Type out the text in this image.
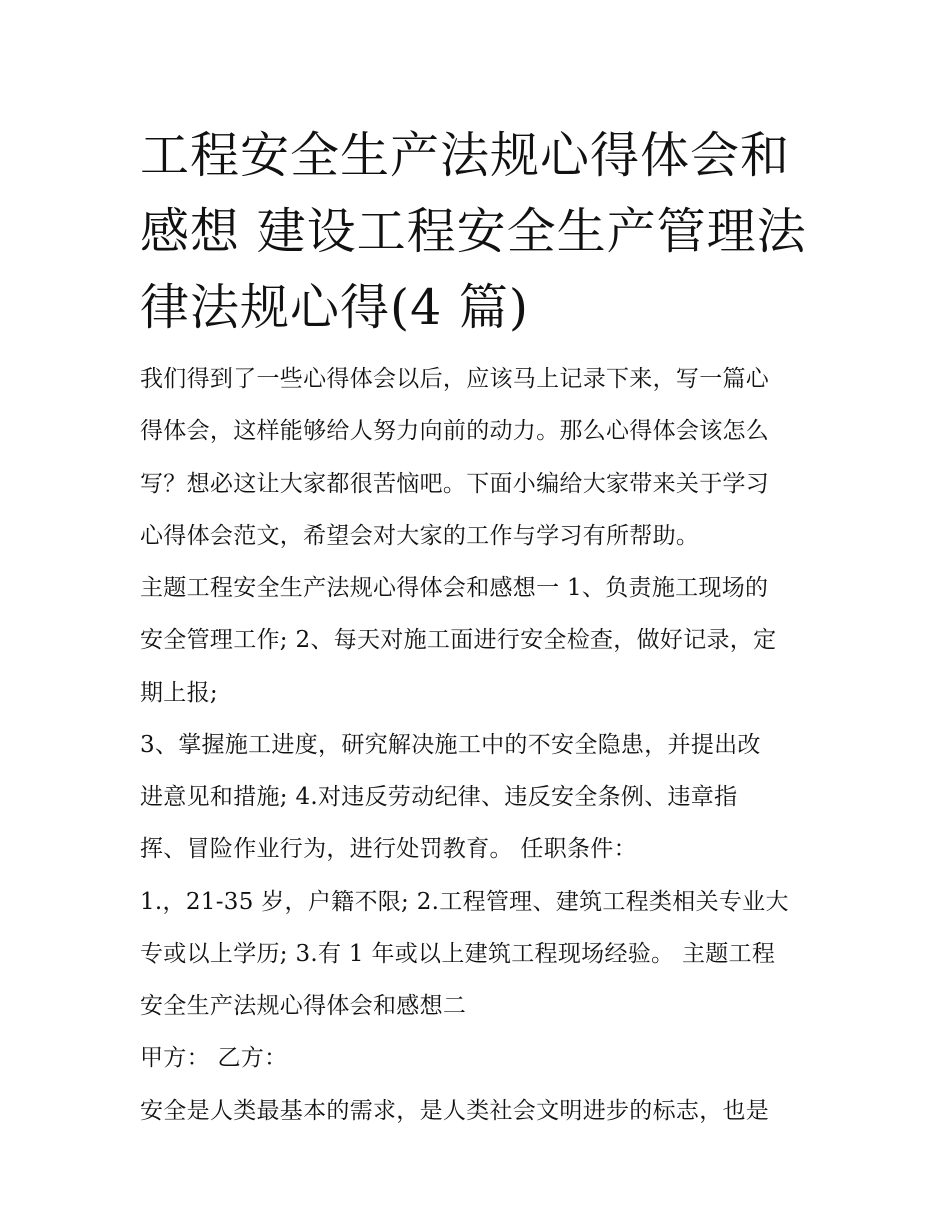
工程安全生产法规心得体会和
感想 建设工程安全生产管理法
律法规心得(4 篇)
我们得到了一些心得体会以后，应该马上记录下来，写一篇心
得体会，这样能够给人努力向前的动力。那么心得体会该怎么
写？想必这让大家都很苦恼吧。下面小编给大家带来关于学习
心得体会范文，希望会对大家的工作与学习有所帮助。
主题工程安全生产法规心得体会和感想一 1、负责施工现场的
安全管理工作; 2、每天对施工面进行安全检查，做好记录，定
期上报;
3、掌握施工进度，研究解决施工中的不安全隐患，并提出改
进意见和措施; 4.对违反劳动纪律、违反安全条例、违章指
挥、冒险作业行为，进行处罚教育。 任职条件：
1.，21-35 岁，户籍不限; 2.工程管理、建筑工程类相关专业大
专或以上学历; 3.有 1 年或以上建筑工程现场经验。 主题工程
安全生产法规心得体会和感想二
甲方： 乙方：
安全是人类最基本的需求，是人类社会文明进步的标志，也是
